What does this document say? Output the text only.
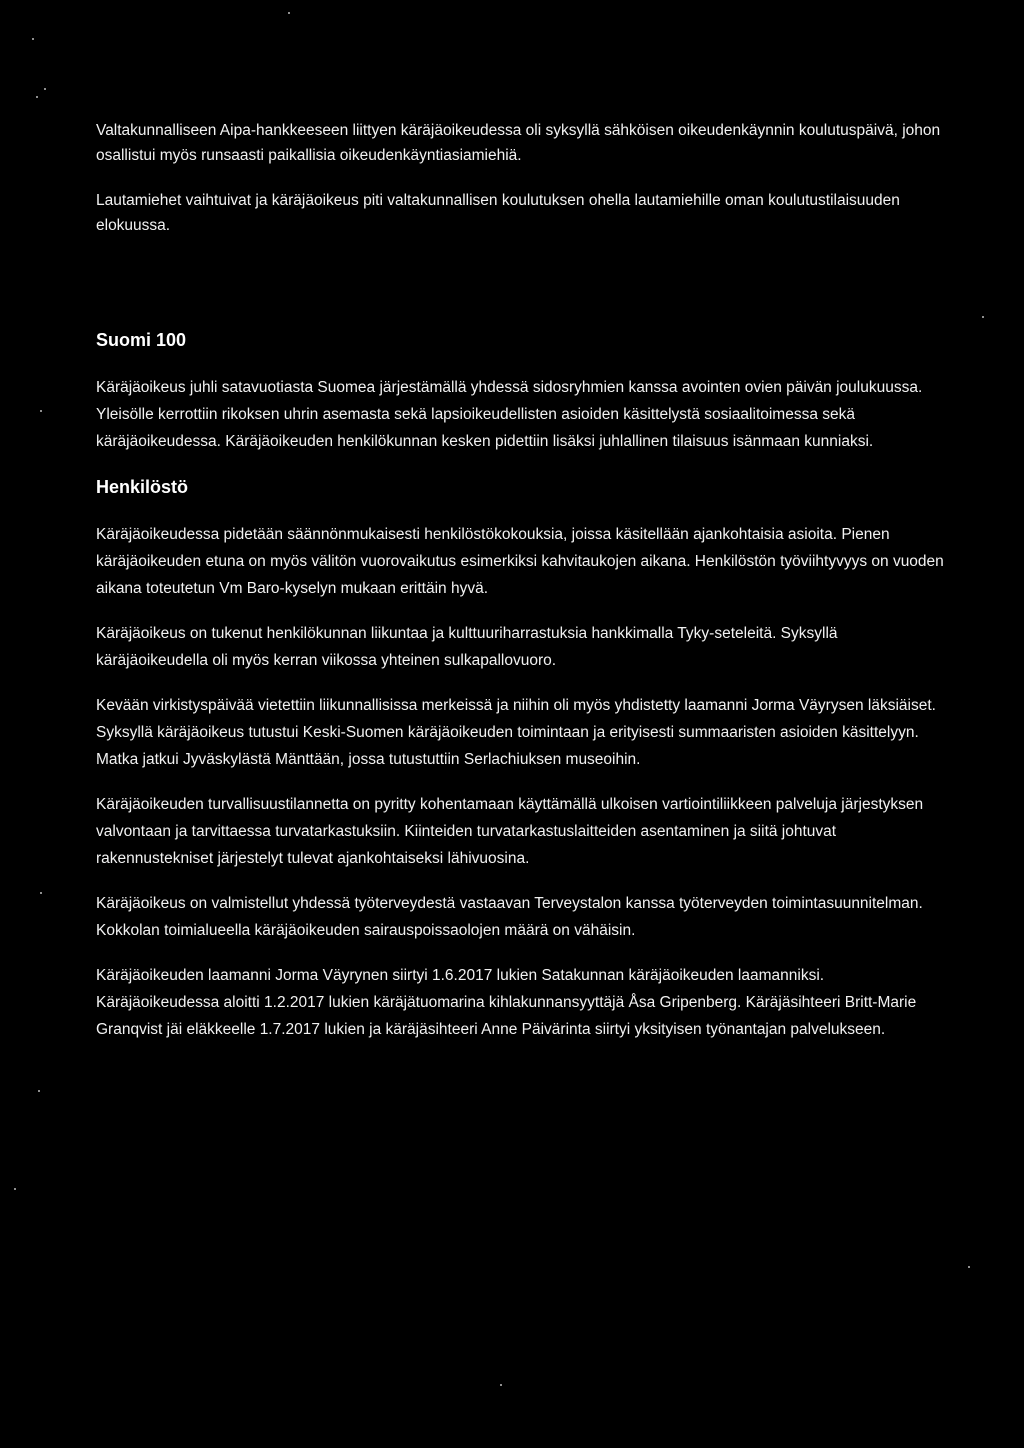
Valtakunnalliseen Aipa-hankkeeseen liittyen käräjäoikeudessa oli syksyllä sähköisen oikeudenkäynnin koulutuspäivä, johon osallistui myös runsaasti paikallisia oikeudenkäyntiasiamiehiä.

Lautamiehet vaihtuivat ja käräjäoikeus piti valtakunnallisen koulutuksen ohella lautamiehille oman koulutustilaisuuden elokuussa.

Suomi 100

Käräjäoikeus juhli satavuotiasta Suomea järjestämällä yhdessä sidosryhmien kanssa avointen ovien päivän joulukuussa. Yleisölle kerrottiin rikoksen uhrin asemasta sekä lapsioikeudellisten asioiden käsittelystä sosiaalitoimessa sekä käräjäoikeudessa. Käräjäoikeuden henkilökunnan kesken pidettiin lisäksi juhlallinen tilaisuus isänmaan kunniaksi.

Henkilöstö

Käräjäoikeudessa pidetään säännönmukaisesti henkilöstökokouksia, joissa käsitellään ajankohtaisia asioita. Pienen käräjäoikeuden etuna on myös välitön vuorovaikutus esimerkiksi kahvitaukojen aikana. Henkilöstön työviihtyvyys on vuoden aikana toteutetun Vm Baro-kyselyn mukaan erittäin hyvä.

Käräjäoikeus on tukenut henkilökunnan liikuntaa ja kulttuuriharrastuksia hankkimalla Tyky-seteleitä. Syksyllä käräjäoikeudella oli myös kerran viikossa yhteinen sulkapallovuoro.

Kevään virkistyspäivää vietettiin liikunnallisissa merkeissä ja niihin oli myös yhdistetty laamanni Jorma Väyrysen läksiäiset. Syksyllä käräjäoikeus tutustui Keski-Suomen käräjäoikeuden toimintaan ja erityisesti summaaristen asioiden käsittelyyn. Matka jatkui Jyväskylästä Mänttään, jossa tutustuttiin Serlachiuksen museoihin.

Käräjäoikeuden turvallisuustilannetta on pyritty kohentamaan käyttämällä ulkoisen vartiointiliikkeen palveluja järjestyksen valvontaan ja tarvittaessa turvatarkastuksiin. Kiinteiden turvatarkastuslaitteiden asentaminen ja siitä johtuvat rakennustekniset järjestelyt tulevat ajankohtaiseksi lähivuosina.

Käräjäoikeus on valmistellut yhdessä työterveydestä vastaavan Terveystalon kanssa työterveyden toimintasuunnitelman. Kokkolan toimialueella käräjäoikeuden sairauspoissaolojen määrä on vähäisin.

Käräjäoikeuden laamanni Jorma Väyrynen siirtyi 1.6.2017 lukien Satakunnan käräjäoikeuden laamanniksi. Käräjäoikeudessa aloitti 1.2.2017 lukien käräjätuomarina kihlakunnansyyttäjä Åsa Gripenberg. Käräjäsihteeri Britt-Marie Granqvist jäi eläkkeelle 1.7.2017 lukien ja käräjäsihteeri Anne Päivärinta siirtyi yksityisen työnantajan palvelukseen.
